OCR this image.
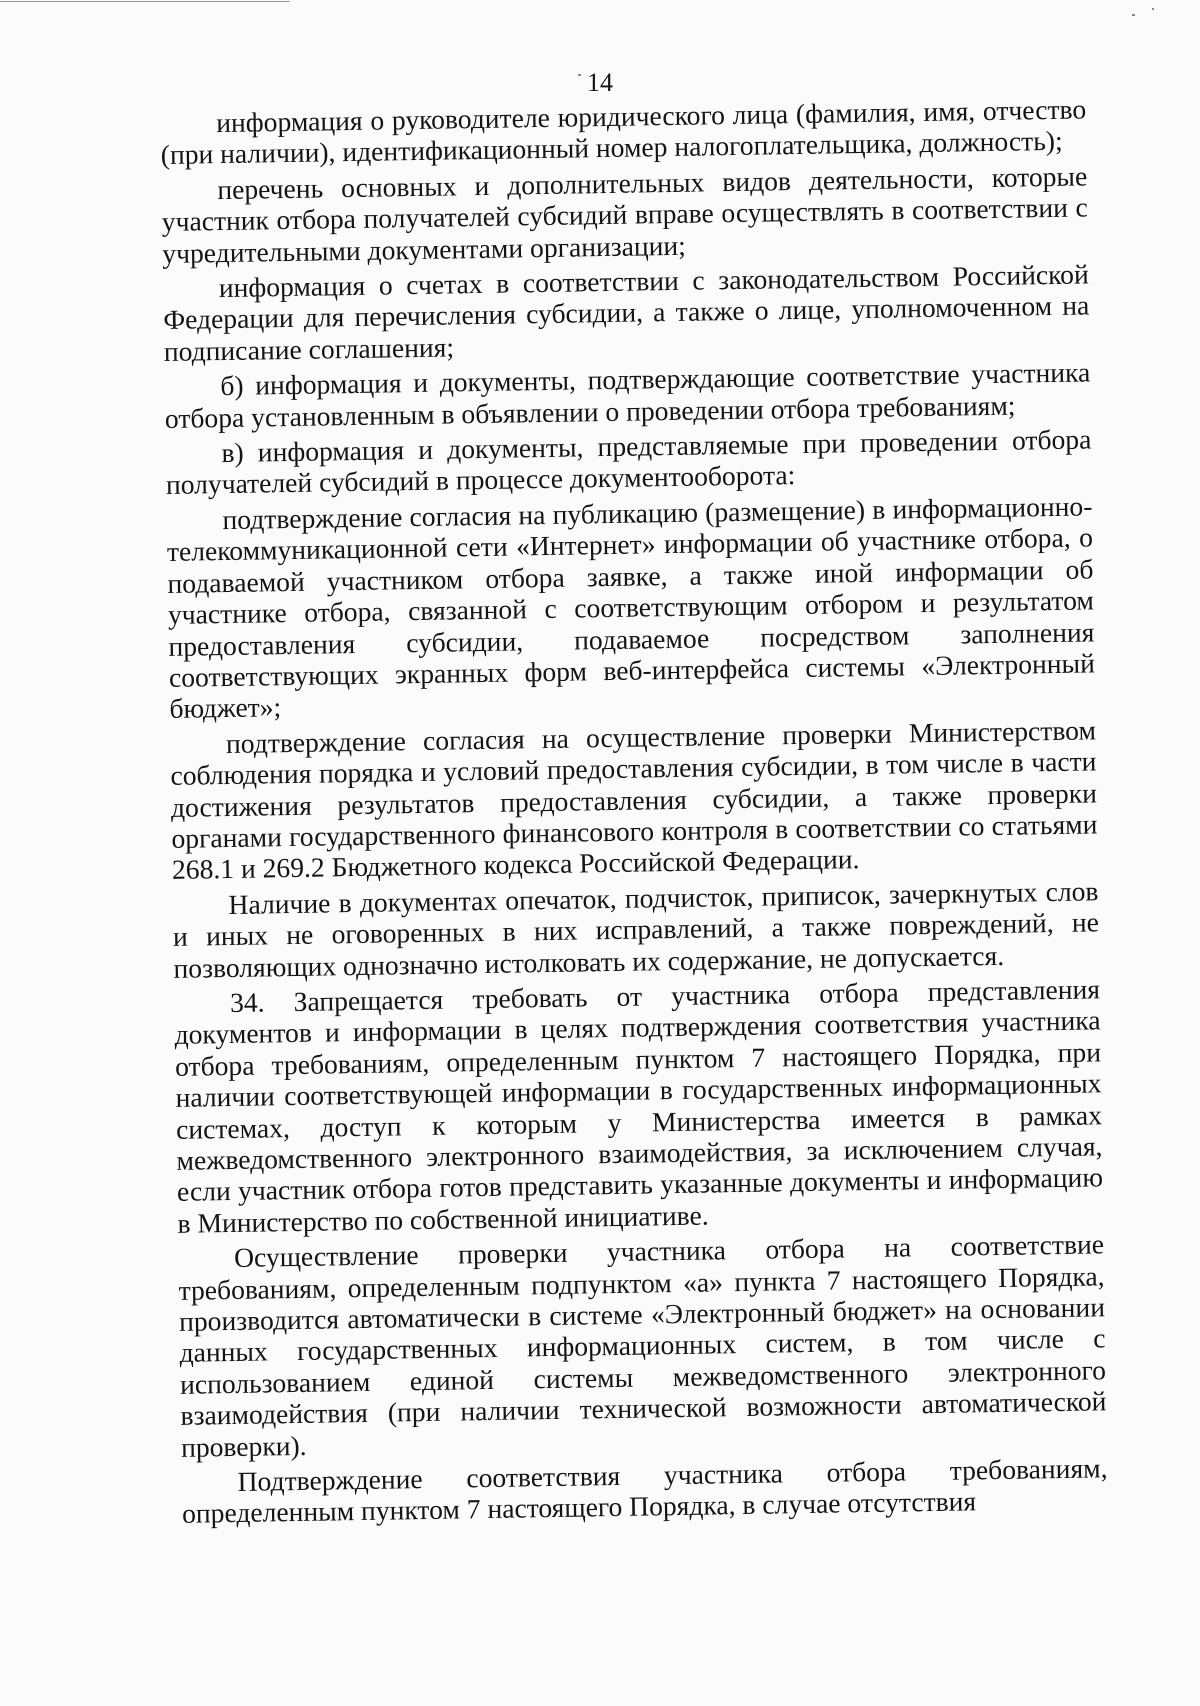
14

информация о руководителе юридического лица (фамилия, имя, отчество (при наличии), идентификационный номер налогоплательщика, должность);

перечень основных и дополнительных видов деятельности, которые участник отбора получателей субсидий вправе осуществлять в соответствии с учредительными документами организации;

информация о счетах в соответствии с законодательством Российской Федерации для перечисления субсидии, а также о лице, уполномоченном на подписание соглашения;

б) информация и документы, подтверждающие соответствие участника отбора установленным в объявлении о проведении отбора требованиям;

в) информация и документы, представляемые при проведении отбора получателей субсидий в процессе документооборота:

подтверждение согласия на публикацию (размещение) в информационно-телекоммуникационной сети «Интернет» информации об участнике отбора, о подаваемой участником отбора заявке, а также иной информации об участнике отбора, связанной с соответствующим отбором и результатом предоставления субсидии, подаваемое посредством заполнения соответствующих экранных форм веб-интерфейса системы «Электронный бюджет»;

подтверждение согласия на осуществление проверки Министерством соблюдения порядка и условий предоставления субсидии, в том числе в части достижения результатов предоставления субсидии, а также проверки органами государственного финансового контроля в соответствии со статьями 268.1 и 269.2 Бюджетного кодекса Российской Федерации.

Наличие в документах опечаток, подчисток, приписок, зачеркнутых слов и иных не оговоренных в них исправлений, а также повреждений, не позволяющих однозначно истолковать их содержание, не допускается.

34. Запрещается требовать от участника отбора представления документов и информации в целях подтверждения соответствия участника отбора требованиям, определенным пунктом 7 настоящего Порядка, при наличии соответствующей информации в государственных информационных системах, доступ к которым у Министерства имеется в рамках межведомственного электронного взаимодействия, за исключением случая, если участник отбора готов представить указанные документы и информацию в Министерство по собственной инициативе.

Осуществление проверки участника отбора на соответствие требованиям, определенным подпунктом «а» пункта 7 настоящего Порядка, производится автоматически в системе «Электронный бюджет» на основании данных государственных информационных систем, в том числе с использованием единой системы межведомственного электронного взаимодействия (при наличии технической возможности автоматической проверки).

Подтверждение соответствия участника отбора требованиям, определенным пунктом 7 настоящего Порядка, в случае отсутствия
